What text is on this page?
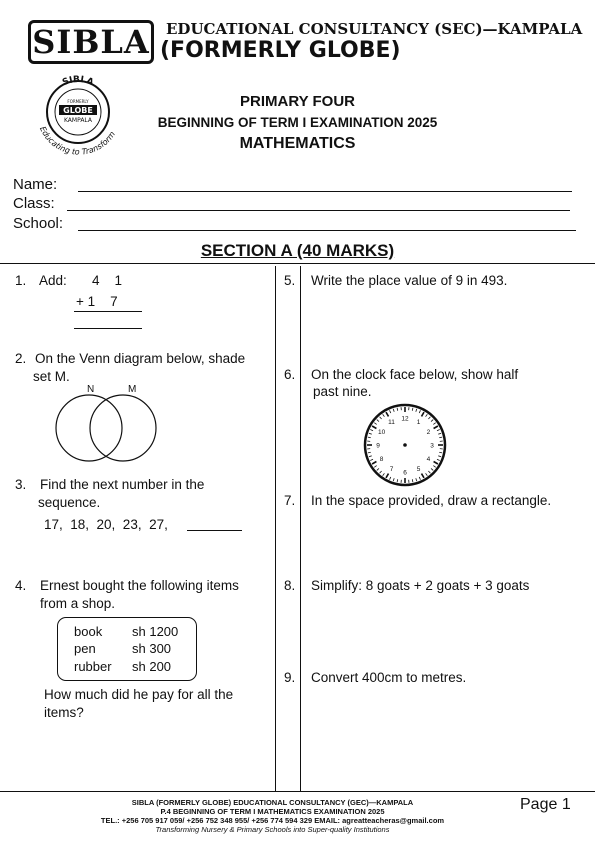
SIBLA EDUCATIONAL CONSULTANCY (SEC)—KAMPALA
(FORMERLY GLOBE)
SIBLA
FORMERLY
GLOBE
KAMPALA
Educating to Transform
PRIMARY FOUR
BEGINNING OF TERM I EXAMINATION 2025
MATHEMATICS
Name:
Class:
School:
SECTION A (40 MARKS)
1. Add: 4    1
+ 1    7
2. On the Venn diagram below, shade
set M.
N	M
3. Find the next number in the
sequence.
17,  18,  20,  23,  27,
4. Ernest bought the following items
from a shop.
book sh 1200
pen	sh 300
rubber sh 200
How much did he pay for all the
items?
5. Write the place value of 9 in 493.
6. On the clock face below, show half
past nine.
12
1
2
3
4
5
6
7
8
9
10
11
7. In the space provided, draw a rectangle.
8. Simplify: 8 goats + 2 goats + 3 goats
9. Convert 400cm to metres.
SIBLA (FORMERLY GLOBE) EDUCATIONAL CONSULTANCY (GEC)—KAMPALA
P.4 BEGINNING OF TERM I MATHEMATICS EXAMINATION 2025
TEL.: +256 705 917 059/ +256 752 348 955/ +256 774 594 329 EMAIL: agreatteacheras@gmail.com
Transforming Nursery & Primary Schools into Super-quality Institutions
Page 1
